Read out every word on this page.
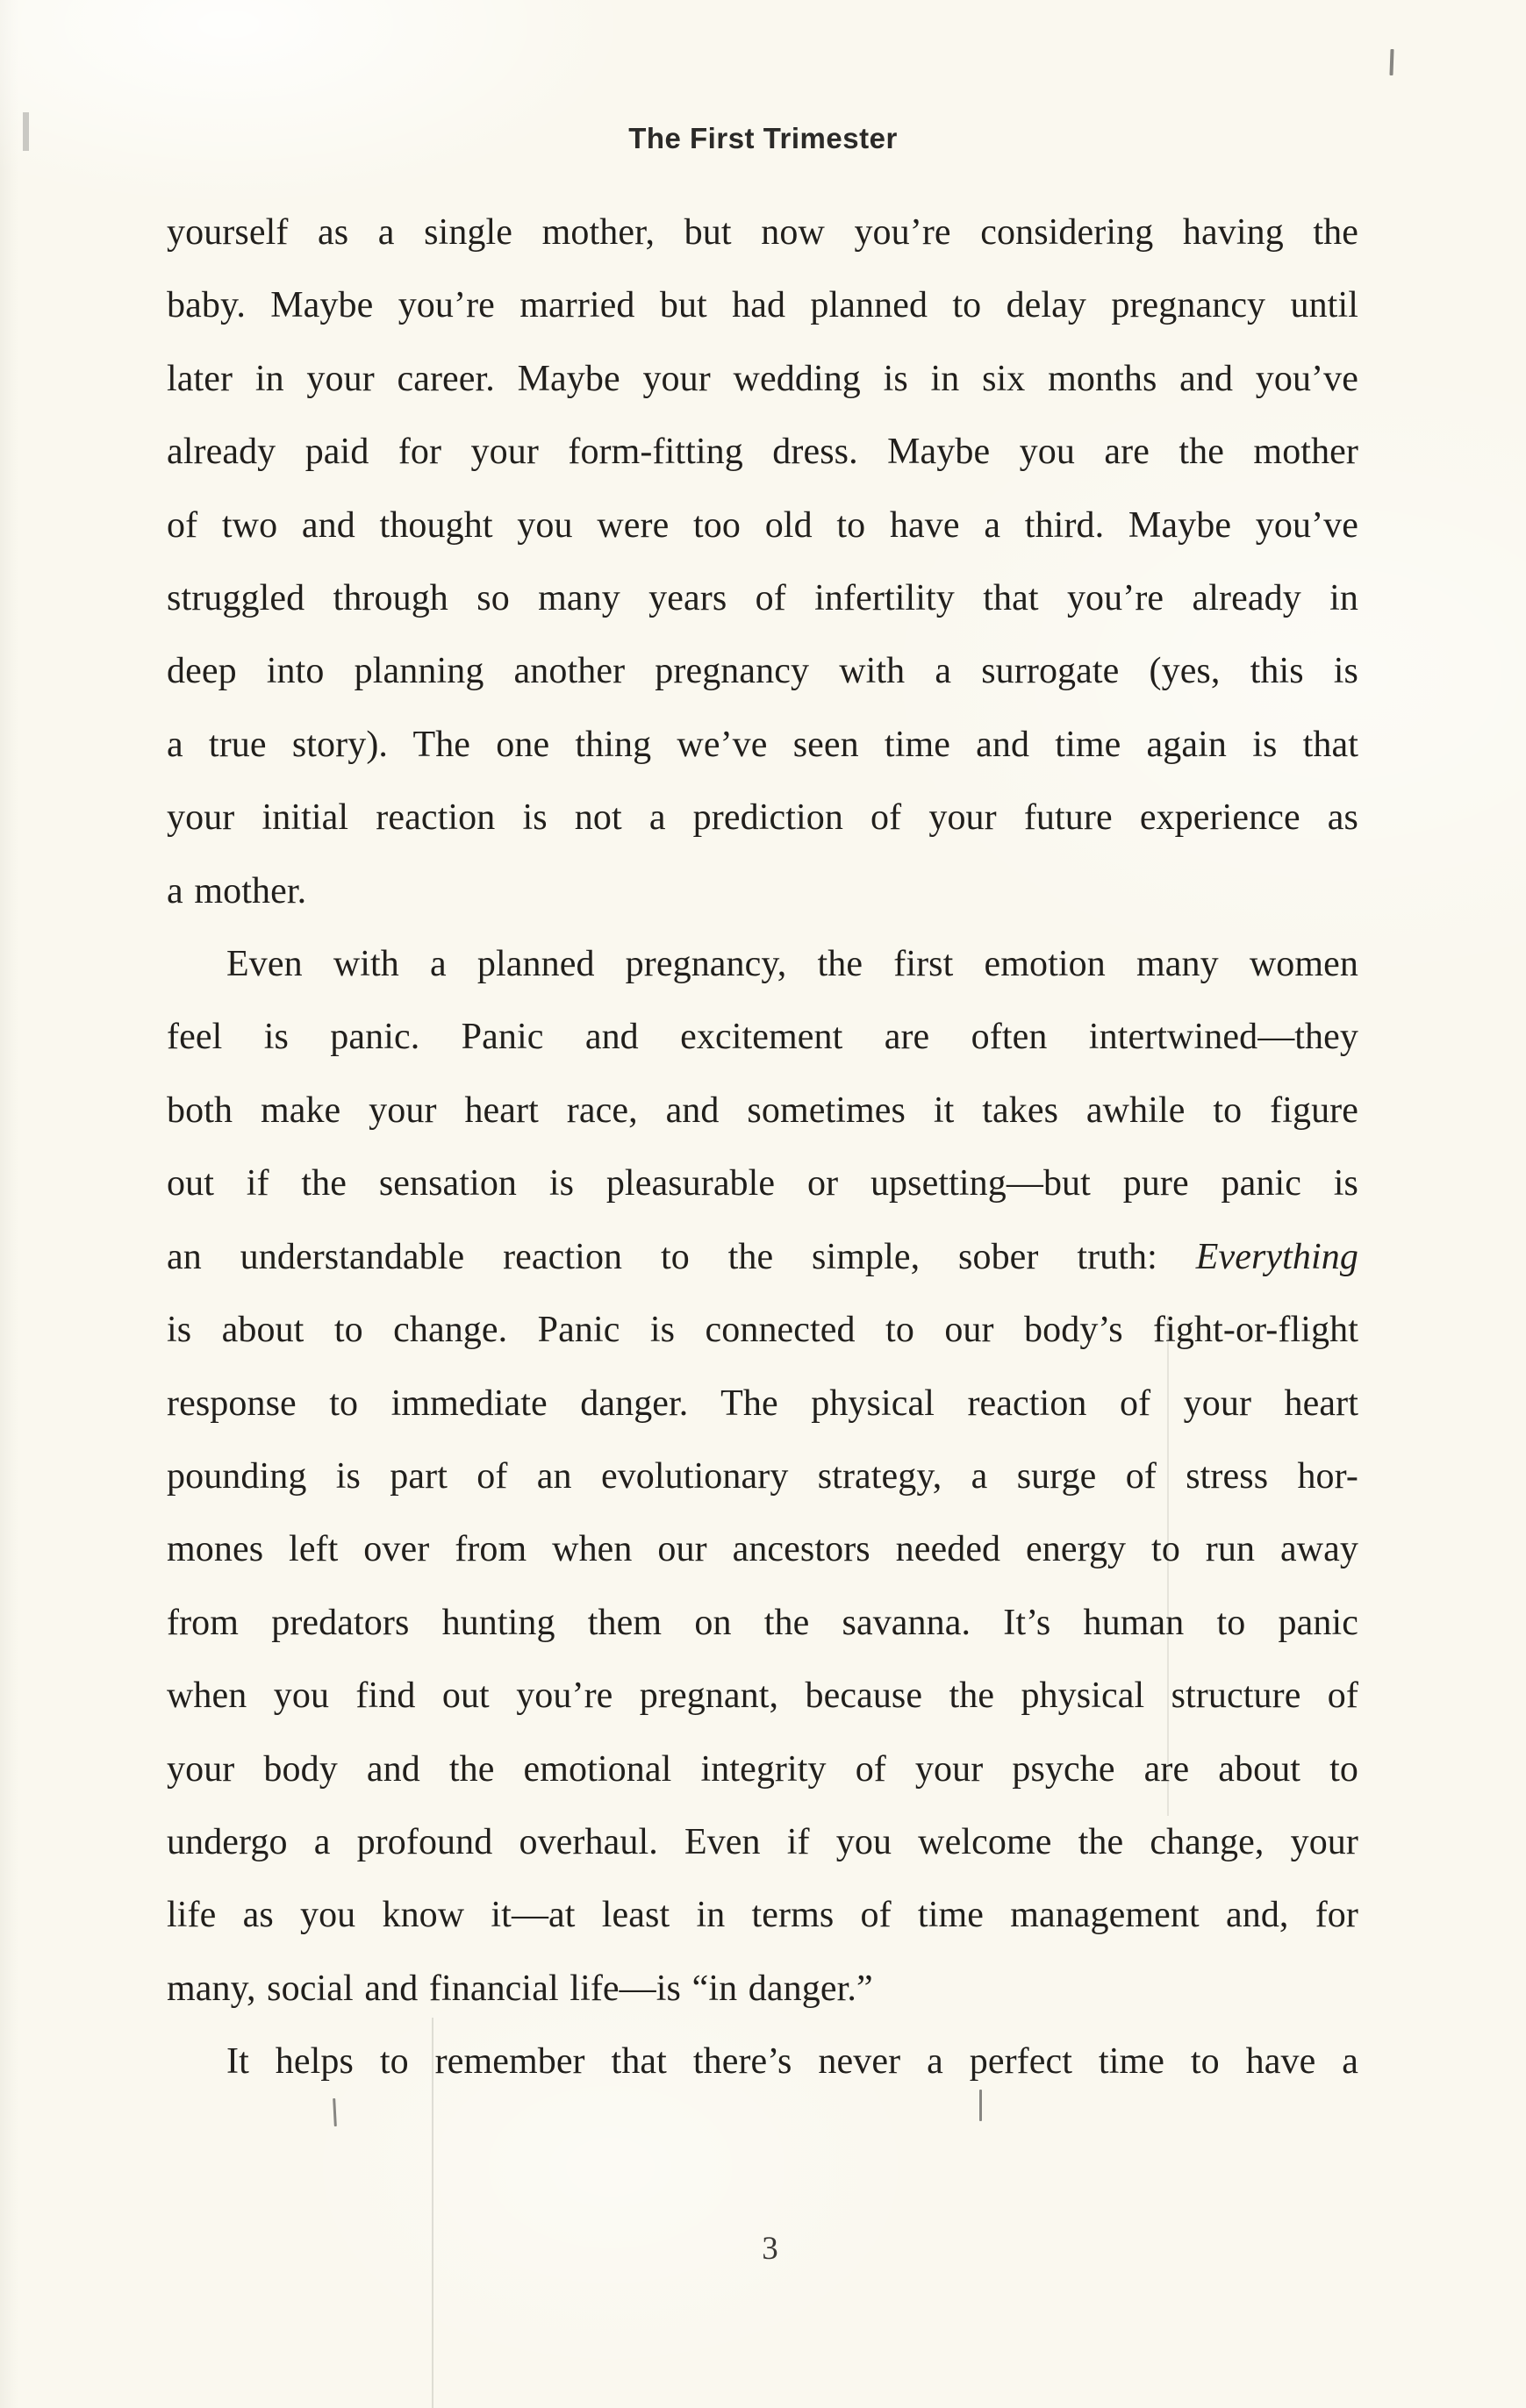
The First Trimester
yourself as a single mother, but now you’re considering having the
baby. Maybe you’re married but had planned to delay pregnancy until
later in your career. Maybe your wedding is in six months and you’ve
already paid for your form-fitting dress. Maybe you are the mother
of two and thought you were too old to have a third. Maybe you’ve
struggled through so many years of infertility that you’re already in
deep into planning another pregnancy with a surrogate (yes, this is
a true story). The one thing we’ve seen time and time again is that
your initial reaction is not a prediction of your future experience as
a mother.
Even with a planned pregnancy, the first emotion many women
feel is panic. Panic and excitement are often intertwined—they
both make your heart race, and sometimes it takes awhile to figure
out if the sensation is pleasurable or upsetting—but pure panic is
an understandable reaction to the simple, sober truth: Everything
is about to change. Panic is connected to our body’s fight-or-flight
response to immediate danger. The physical reaction of your heart
pounding is part of an evolutionary strategy, a surge of stress hor-
mones left over from when our ancestors needed energy to run away
from predators hunting them on the savanna. It’s human to panic
when you find out you’re pregnant, because the physical structure of
your body and the emotional integrity of your psyche are about to
undergo a profound overhaul. Even if you welcome the change, your
life as you know it—at least in terms of time management and, for
many, social and financial life—is “in danger.”
It helps to remember that there’s never a perfect time to have a
3
